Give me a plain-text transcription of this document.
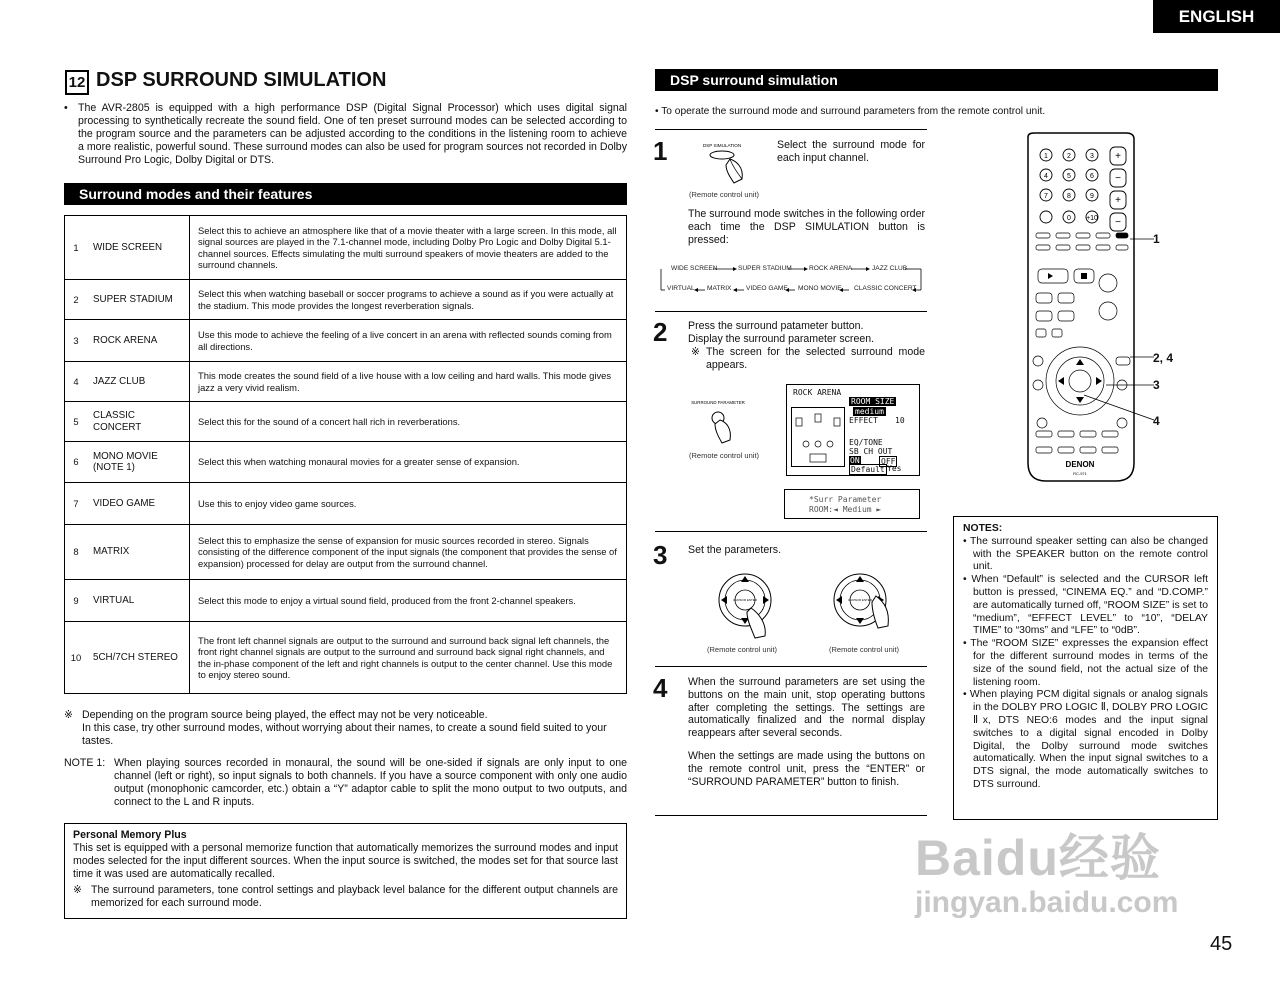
ENGLISH
12 DSP SURROUND SIMULATION
• The AVR-2805 is equipped with a high performance DSP (Digital Signal Processor) which uses digital signal processing to synthetically recreate the sound field. One of ten preset surround modes can be selected according to the program source and the parameters can be adjusted according to the conditions in the listening room to achieve a more realistic, powerful sound. These surround modes can also be used for program sources not recorded in Dolby Surround Pro Logic, Dolby Digital or DTS.
Surround modes and their features
1	WIDE SCREEN	Select this to achieve an atmosphere like that of a movie theater with a large screen. In this mode, all signal sources are played in the 7.1-channel mode, including Dolby Pro Logic and Dolby Digital 5.1-channel sources. Effects simulating the multi surround speakers of movie theaters are added to the surround channels.
2	SUPER STADIUM	Select this when watching baseball or soccer programs to achieve a sound as if you were actually at the stadium. This mode provides the longest reverberation signals.
3	ROCK ARENA	Use this mode to achieve the feeling of a live concert in an arena with reflected sounds coming from all directions.
4	JAZZ CLUB	This mode creates the sound field of a live house with a low ceiling and hard walls. This mode gives jazz a very vivid realism.
5	CLASSIC CONCERT	Select this for the sound of a concert hall rich in reverberations.
6	MONO MOVIE (NOTE 1)	Select this when watching monaural movies for a greater sense of expansion.
7	VIDEO GAME	Use this to enjoy video game sources.
8	MATRIX	Select this to emphasize the sense of expansion for music sources recorded in stereo. Signals consisting of the difference component of the input signals (the component that provides the sense of expansion) processed for delay are output from the surround channel.
9	VIRTUAL	Select this mode to enjoy a virtual sound field, produced from the front 2-channel speakers.
10	5CH/7CH STEREO	The front left channel signals are output to the surround and surround back signal left channels, the front right channel signals are output to the surround and surround back signal right channels, and the in-phase component of the left and right channels is output to the center channel. Use this mode to enjoy stereo sound.
※ Depending on the program source being played, the effect may not be very noticeable.
In this case, try other surround modes, without worrying about their names, to create a sound field suited to your tastes.
NOTE 1: When playing sources recorded in monaural, the sound will be one-sided if signals are only input to one channel (left or right), so input signals to both channels. If you have a source component with only one audio output (monophonic camcorder, etc.) obtain a “Y” adaptor cable to split the mono output to two outputs, and connect to the L and R inputs.
Personal Memory Plus
This set is equipped with a personal memorize function that automatically memorizes the surround modes and input modes selected for the input different sources. When the input source is switched, the modes set for that source last time it was used are automatically recalled.
※ The surround parameters, tone control settings and playback level balance for the different output channels are memorized for each surround mode.
DSP surround simulation
• To operate the surround mode and surround parameters from the remote control unit.
1	DSP SIMULATION
(Remote control unit)
Select the surround mode for each input channel.
The surround mode switches in the following order each time the DSP SIMULATION button is pressed:
WIDE SCREEN	SUPER STADIUM	ROCK ARENA	JAZZ CLUB
VIRTUAL MATRIX VIDEO GAME MONO MOVIE CLASSIC CONCERT
2 Press the surround patameter button.
Display the surround parameter screen.
※ The screen for the selected surround mode appears.
SURROUND PARAMETER
(Remote control unit)
ROCK ARENA
ROOM SIZE
medium
EFFECT 10
EQ/TONE
SB CH OUT
ON	OFF
Default Yes
*Surr Parameter
ROOM:◄ Medium ►
3 Set the parameters.
CURSOR ENTER	CURSOR ENTER
(Remote control unit)	(Remote control unit)
4 When the surround parameters are set using the buttons on the main unit, stop operating buttons after completing the settings. The settings are automatically finalized and the normal display reappears after several seconds.
When the settings are made using the buttons on the remote control unit, press the “ENTER” or “SURROUND PARAMETER” button to finish.
1	2	3
4	5	6
7	8	9
0 +10
+
−
+
−
DENON
RC-971
1
2, 4
3
4
NOTES:
• The surround speaker setting can also be changed with the SPEAKER button on the remote control unit.
• When “Default” is selected and the CURSOR left button is pressed, “CINEMA EQ.” and “D.COMP.” are automatically turned off, “ROOM SIZE” is set to “medium”, “EFFECT LEVEL” to “10”, “DELAY TIME” to “30ms” and “LFE” to “0dB”.
• The “ROOM SIZE” expresses the expansion effect for the different surround modes in terms of the size of the sound field, not the actual size of the listening room.
• When playing PCM digital signals or analog signals in the DOLBY PRO LOGIC Ⅱ, DOLBY PRO LOGIC Ⅱx, DTS NEO:6 modes and the input signal switches to a digital signal encoded in Dolby Digital, the Dolby surround mode switches automatically. When the input signal switches to a DTS signal, the mode automatically switches to DTS surround.
Baidu经验
jingyan.baidu.com
45
